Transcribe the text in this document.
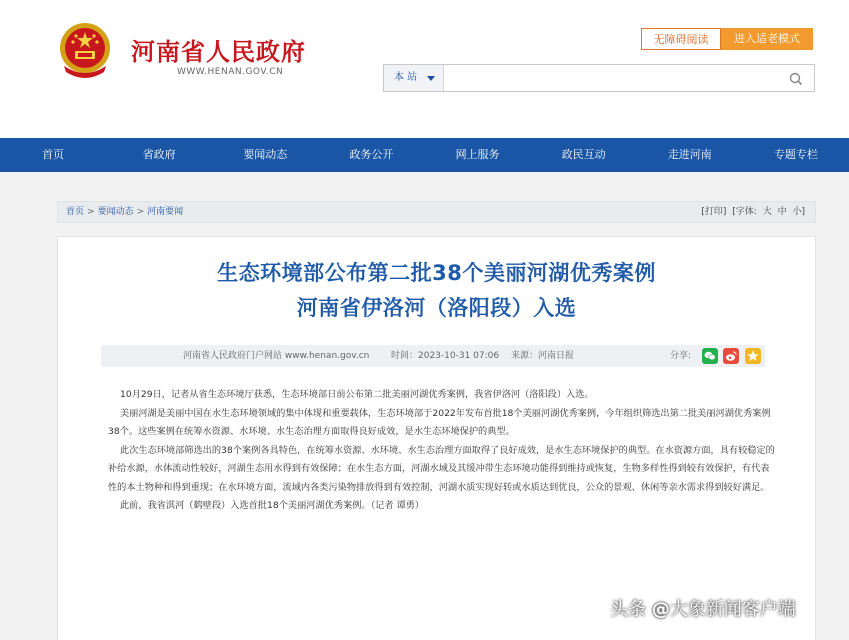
河南省人民政府
WWW.HENAN.GOV.CN
无障碍阅读	进入适老模式
本 站
首页	省政府	要闻动态	政务公开	网上服务	政民互动	走进河南	专题专栏
首页 > 要闻动态 > 河南要闻	[打印] [字体: 大 中 小]
生态环境部公布第二批38个美丽河湖优秀案例
河南省伊洛河（洛阳段）入选
河南省人民政府门户网站 www.henan.gov.cn 时间：2023-10-31 07:06 来源：河南日报	分享:

10月29日，记者从省生态环境厅获悉，生态环境部日前公布第二批美丽河湖优秀案例，我省伊洛河（洛阳段）入选。

美丽河湖是美丽中国在水生态环境领域的集中体现和重要载体，生态环境部于2022年发布首批18个美丽河湖优秀案例，今年组织筛选出第二批美丽河湖优秀案例38个。这些案例在统筹水资源、水环境、水生态治理方面取得良好成效，是水生态环境保护的典型。

此次生态环境部筛选出的38个案例各具特色，在统筹水资源、水环境、水生态治理方面取得了良好成效，是水生态环境保护的典型。在水资源方面，具有较稳定的补给水源，水体流动性较好，河湖生态用水得到有效保障；在水生态方面，河湖水域及其缓冲带生态环境功能得到维持或恢复，生物多样性得到较有效保护，有代表性的本土物种和得到重现；在水环境方面，流域内各类污染物排放得到有效控制，河湖水质实现好转或水质达到优良，公众的景观、休闲等亲水需求得到较好满足。

此前，我省淇河（鹤壁段）入选首批18个美丽河湖优秀案例。（记者 谭勇）

头条 @大象新闻客户端
